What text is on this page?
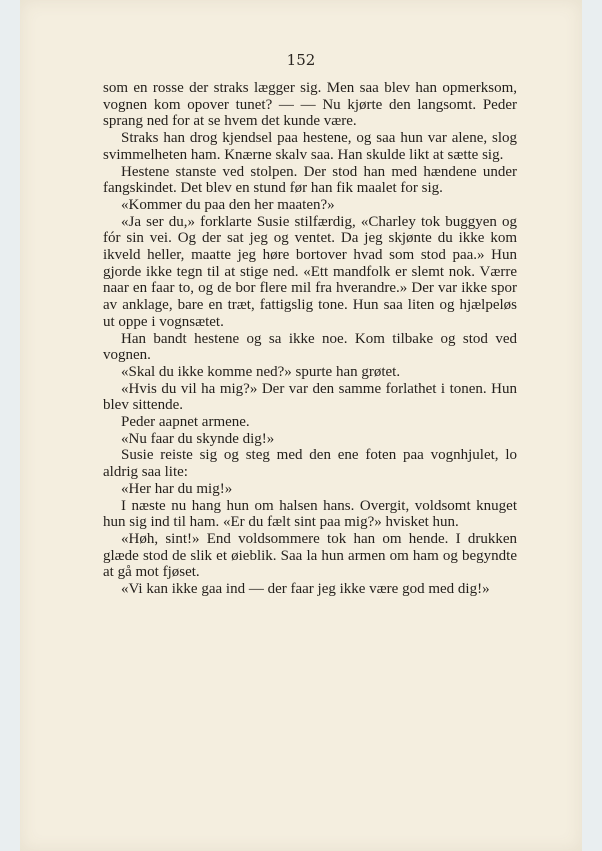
152

som en rosse der straks lægger sig. Men saa blev han opmerksom, vognen kom opover tunet? — — Nu kjørte den langsomt. Peder sprang ned for at se hvem det kunde være.

Straks han drog kjendsel paa hestene, og saa hun var alene, slog svimmelheten ham. Knærne skalv saa. Han skulde likt at sætte sig.

Hestene stanste ved stolpen. Der stod han med hændene under fangskindet. Det blev en stund før han fik maalet for sig.

«Kommer du paa den her maaten?»

«Ja ser du,» forklarte Susie stilfærdig, «Charley tok buggyen og fór sin vei. Og der sat jeg og ventet. Da jeg skjønte du ikke kom ikveld heller, maatte jeg høre bortover hvad som stod paa.» Hun gjorde ikke tegn til at stige ned. «Ett mandfolk er slemt nok. Værre naar en faar to, og de bor flere mil fra hverandre.» Der var ikke spor av anklage, bare en træt, fattigslig tone. Hun saa liten og hjælpeløs ut oppe i vognsætet.

Han bandt hestene og sa ikke noe. Kom tilbake og stod ved vognen.

«Skal du ikke komme ned?» spurte han grøtet.

«Hvis du vil ha mig?» Der var den samme forlathet i tonen. Hun blev sittende.

Peder aapnet armene.

«Nu faar du skynde dig!»

Susie reiste sig og steg med den ene foten paa vognhjulet, lo aldrig saa lite:

«Her har du mig!»

I næste nu hang hun om halsen hans. Overgit, voldsomt knuget hun sig ind til ham. «Er du fælt sint paa mig?» hvisket hun.

«Høh, sint!» End voldsommere tok han om hende. I drukken glæde stod de slik et øieblik. Saa la hun armen om ham og begyndte at gå mot fjøset.

«Vi kan ikke gaa ind — der faar jeg ikke være god med dig!»
